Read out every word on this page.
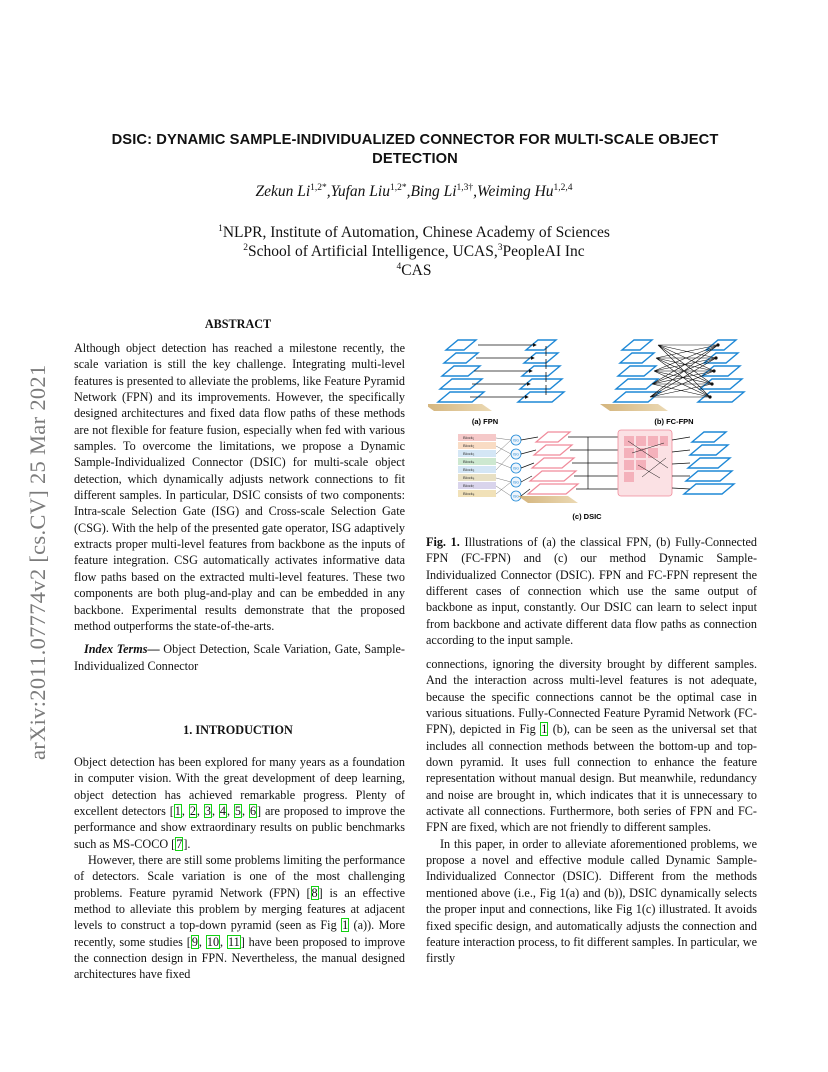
arXiv:2011.07774v2 [cs.CV] 25 Mar 2021
DSIC: DYNAMIC SAMPLE-INDIVIDUALIZED CONNECTOR FOR MULTI-SCALE OBJECT
DETECTION
Zekun $Li^{1,2*},Yufan$ Liu$^{1,2*}$,Bing $Li^{1,3\dagger},Weiming$ Hu$^{1,2,4}$
$^1$NLPR, Institute of Automation, Chinese Academy of Sciences
$^2$School of Artificial Intelligence, UCAS,$^3$PeopleAI Inc
$^4$CAS
ABSTRACT

Although object detection has reached a milestone recently, the scale variation is still the key challenge. Integrating multi-level features is presented to alleviate the problems, like Feature Pyramid Network (FPN) and its improvements. However, the specifically designed architectures and fixed data flow paths of these methods are not flexible for feature fusion, especially when fed with various samples. To overcome the limitations, we propose a Dynamic Sample-Individualized Connector (DSIC) for multi-scale object detection, which dynamically adjusts network connections to fit different samples. In particular, DSIC consists of two components: Intra-scale Selection Gate (ISG) and Cross-scale Selection Gate (CSG). With the help of the presented gate operator, ISG adaptively extracts proper multi-level features from backbone as the inputs of feature integration. CSG automatically activates informative data flow paths based on the extracted multi-level features. These two components are both plug-and-play and can be embedded in any backbone. Experimental results demonstrate that the proposed method outperforms the state-of-the-arts.

Index Terms— Object Detection, Scale Variation, Gate, Sample-Individualized Connector

1. INTRODUCTION

Object detection has been explored for many years as a foundation in computer vision. With the great development of deep learning, object detection has achieved remarkable progress. Plenty of excellent detectors [1, 2, 3, 4, 5, 6] are proposed to improve the performance and show extraordinary results on public benchmarks such as MS-COCO [7].

However, there are still some problems limiting the performance of detectors. Scale variation is one of the most challenging problems. Feature pyramid Network (FPN) [8] is an effective method to alleviate this problem by merging features at adjacent levels to construct a top-down pyramid (seen as Fig 1 (a)). More recently, some studies [9, 10, 11] have been proposed to improve the connection design in FPN. Nevertheless, the manual designed architectures have fixed

(a) FPN	(b) FC-FPN
Block₁
Block₂
Block₃
Block₄
Block₅
Block₆
Block₇
Block₈
ISG
ISG
ISG
ISG
ISG
(c) DSIC
Fig. 1. Illustrations of (a) the classical FPN, (b) Fully-Connected FPN (FC-FPN) and (c) our method Dynamic Sample-Individualized Connector (DSIC). FPN and FC-FPN represent the different cases of connection which use the same output of backbone as input, constantly. Our DSIC can learn to select input from backbone and activate different data flow paths as connection according to the input sample.

connections, ignoring the diversity brought by different samples. And the interaction across multi-level features is not adequate, because the specific connections cannot be the optimal case in various situations. Fully-Connected Feature Pyramid Network (FC-FPN), depicted in Fig 1 (b), can be seen as the universal set that includes all connection methods between the bottom-up and top-down pyramid. It uses full connection to enhance the feature representation without manual design. But meanwhile, redundancy and noise are brought in, which indicates that it is unnecessary to activate all connections. Furthermore, both series of FPN and FC-FPN are fixed, which are not friendly to different samples.

In this paper, in order to alleviate aforementioned problems, we propose a novel and effective module called Dynamic Sample-Individualized Connector (DSIC). Different from the methods mentioned above (i.e., Fig 1(a) and (b)), DSIC dynamically selects the proper input and connections, like Fig 1(c) illustrated. It avoids fixed specific design, and automatically adjusts the connection and feature interaction process, to fit different samples. In particular, we firstly
